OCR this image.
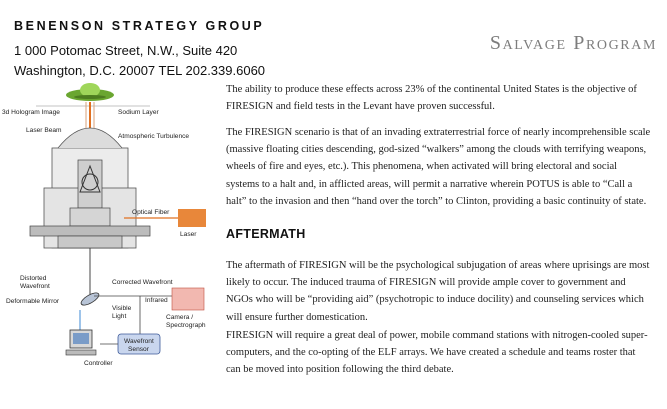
BENENSON STRATEGY GROUP
1 000 Potomac Street, N.W., Suite 420
Washington, D.C. 20007 TEL 202.339.6060
Salvage Program
3d Hologram Image	Sodium Layer
Laser Beam
Atmospheric Turbulence
Optical Fiber
Laser
Distorted
Wavefront
Corrected Wavefront
Deformable Mirror
Visible
Light
Infrared
Camera /
Spectrograph
Wavefront
Sensor
Controller
The ability to produce these effects across 23% of the continental United States is the objective of FIRESIGN and field tests in the Levant have proven successful.
The FIRESIGN scenario is that of an invading extraterrestrial force of nearly incomprehensible scale (massive floating cities descending, god-sized “walkers” among the clouds with terrifying weapons, wheels of fire and eyes, etc.). This phenomena, when activated will bring electoral and social systems to a halt and, in afflicted areas, will permit a narrative wherein POTUS is able to “Call a halt” to the invasion and then “hand over the torch” to Clinton, providing a basic continuity of state.
AFTERMATH
The aftermath of FIRESIGN will be the psychological subjugation of areas where uprisings are most likely to occur. The induced trauma of FIRESIGN will provide ample cover to government and NGOs who will be “providing aid” (psychotropic to induce docility) and counseling services which will ensure further domestication.
FIRESIGN will require a great deal of power, mobile command stations with nitrogen-cooled super-computers, and the co-opting of the ELF arrays. We have created a schedule and teams roster that can be moved into position following the third debate.
